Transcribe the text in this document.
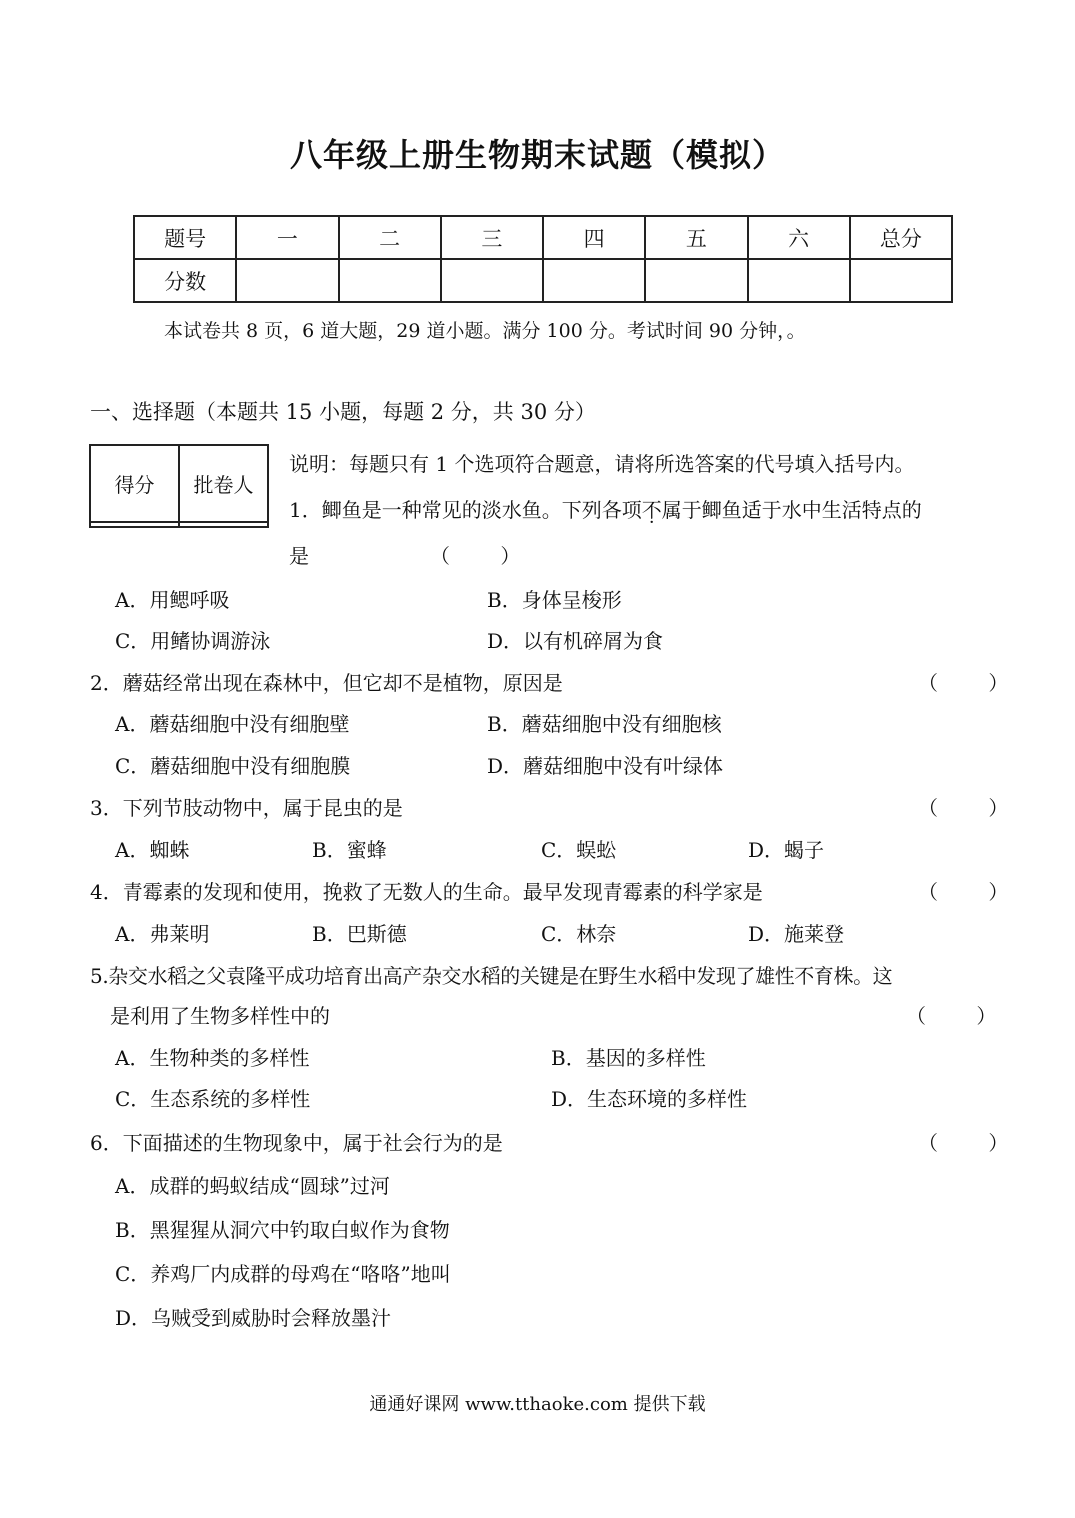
八年级上册生物期末试题（模拟）
题号	一	二	三	四	五	六	总分
分数							
本试卷共 8 页，6 道大题，29 道小题。满分 100 分。考试时间 90 分钟，。
一、选择题（本题共 15 小题，每题 2 分，共 30 分）
得分	批卷人

说明：每题只有 1 个选项符合题意，请将所选答案的代号填入括号内。
1．鲫鱼是一种常见的淡水鱼。下列各项不属于鲫鱼适于水中生活特点的
是	（ ）
A．用鳃呼吸	B．身体呈梭形
C．用鳍协调游泳	D．以有机碎屑为食
2．蘑菇经常出现在森林中，但它却不是植物，原因是	（ ）
A．蘑菇细胞中没有细胞壁	B．蘑菇细胞中没有细胞核
C．蘑菇细胞中没有细胞膜	D．蘑菇细胞中没有叶绿体
3．下列节肢动物中，属于昆虫的是	（ ）
A．蜘蛛	B．蜜蜂	C．蜈蚣	D．蝎子
4．青霉素的发现和使用，挽救了无数人的生命。最早发现青霉素的科学家是	（ ）
A．弗莱明	B．巴斯德	C．林奈	D．施莱登
5.杂交水稻之父袁隆平成功培育出高产杂交水稻的关键是在野生水稻中发现了雄性不育株。这
是利用了生物多样性中的	（ ）
A．生物种类的多样性	B．基因的多样性
C．生态系统的多样性	D．生态环境的多样性
6．下面描述的生物现象中，属于社会行为的是	（ ）
A．成群的蚂蚁结成“圆球”过河
B．黑猩猩从洞穴中钓取白蚁作为食物
C．养鸡厂内成群的母鸡在“咯咯”地叫
D．乌贼受到威胁时会释放墨汁
通通好课网 www.tthaoke.com 提供下载
